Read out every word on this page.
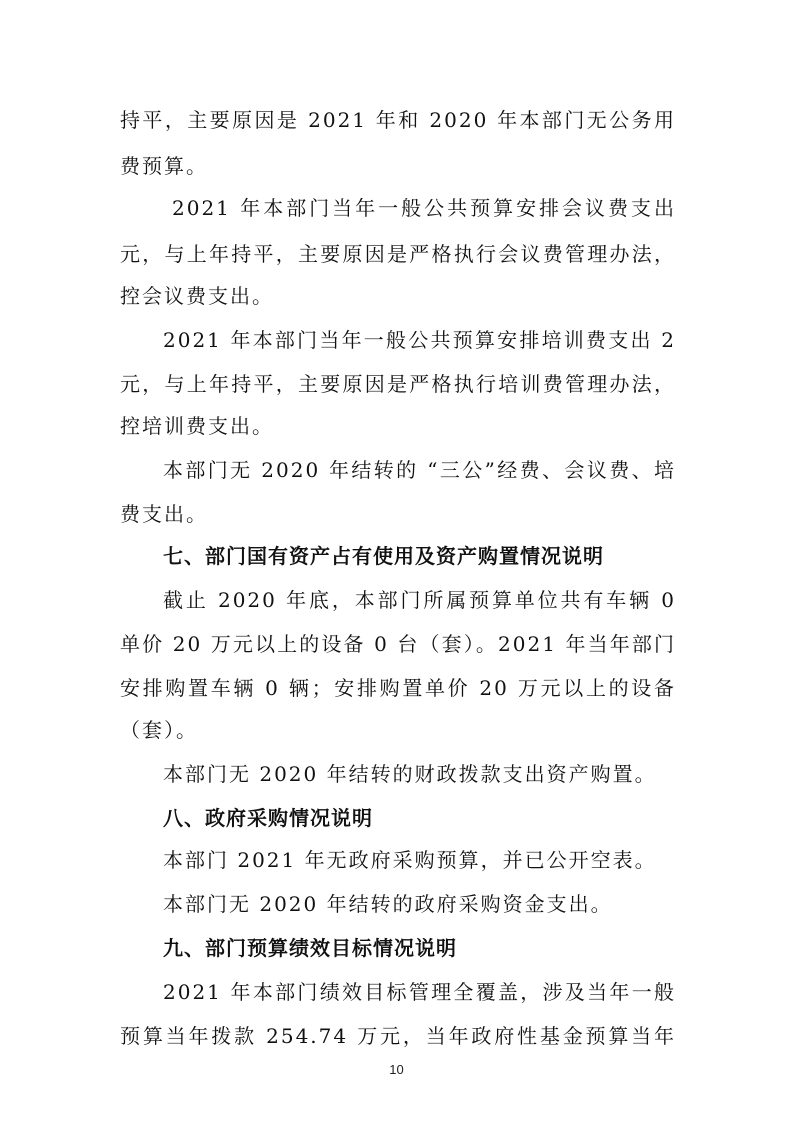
持平，主要原因是 2021 年和 2020 年本部门无公务用
费预算。
2021 年本部门当年一般公共预算安排会议费支出
元，与上年持平，主要原因是严格执行会议费管理办法，
控会议费支出。
2021 年本部门当年一般公共预算安排培训费支出 2
元，与上年持平，主要原因是严格执行培训费管理办法，
控培训费支出。
本部门无 2020 年结转的 “三公”经费、会议费、培
费支出。
七、部门国有资产占有使用及资产购置情况说明
截止 2020 年底，本部门所属预算单位共有车辆 0
单价 20 万元以上的设备 0 台（套）。2021 年当年部门
安排购置车辆 0 辆；安排购置单价 20 万元以上的设备
（套）。
本部门无 2020 年结转的财政拨款支出资产购置。
八、政府采购情况说明
本部门 2021 年无政府采购预算，并已公开空表。
本部门无 2020 年结转的政府采购资金支出。
九、部门预算绩效目标情况说明
2021 年本部门绩效目标管理全覆盖，涉及当年一般
预算当年拨款 254.74 万元，当年政府性基金预算当年
10
